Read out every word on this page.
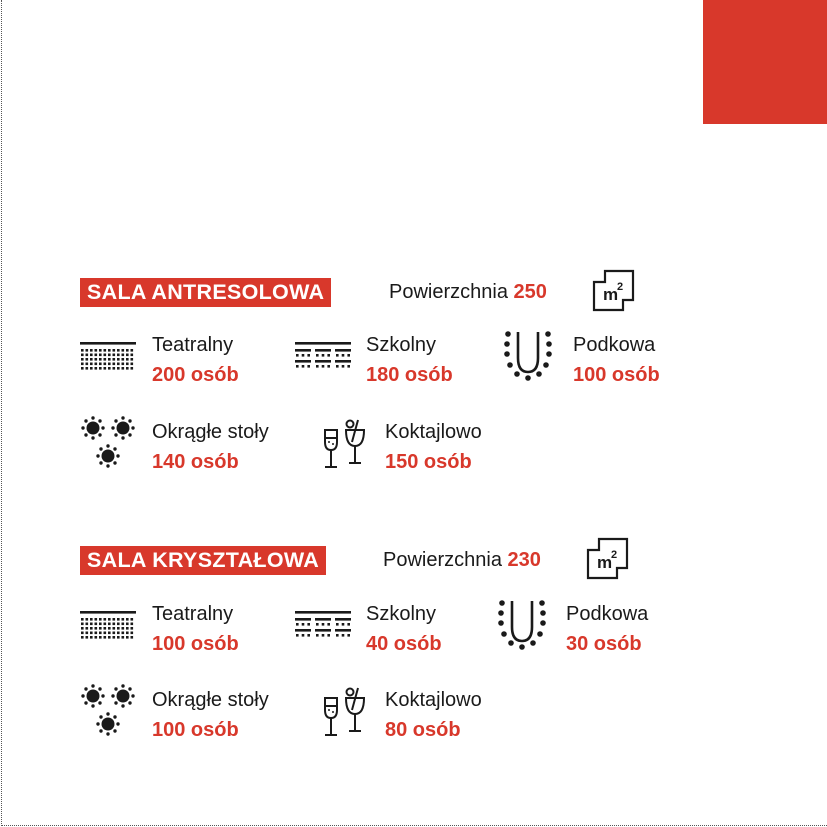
SALA ANTRESOLOWA	Powierzchnia 250	m
2
Teatralny
200 osób
Szkolny
180 osób
Podkowa
100 osób
Okrągłe stoły
140 osób
Koktajlowo
150 osób
SALA KRYSZTAŁOWA	Powierzchnia 230	m
2
Teatralny
100 osób
Szkolny
40 osób
Podkowa
30 osób
Okrągłe stoły
100 osób
Koktajlowo
80 osób
